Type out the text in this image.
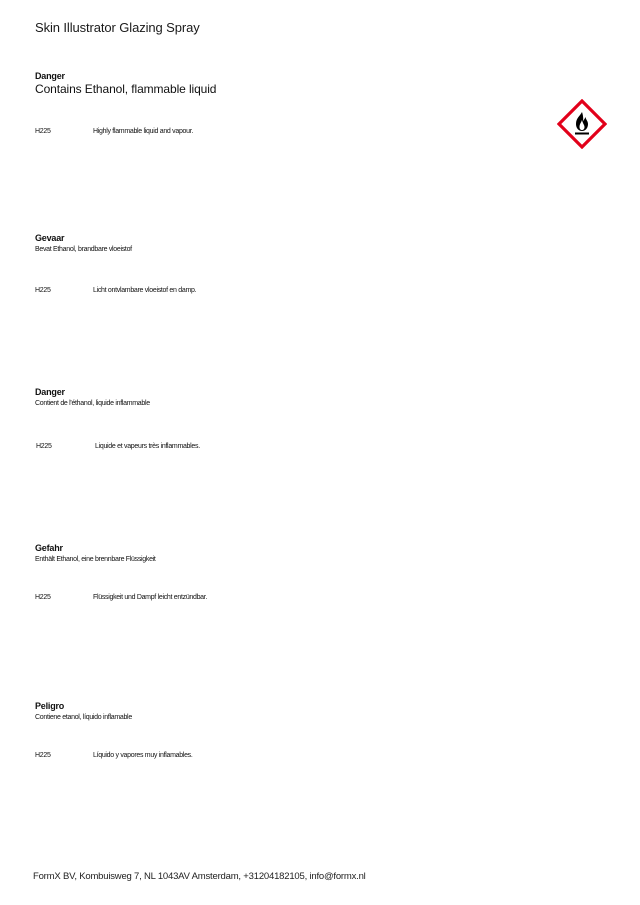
Skin Illustrator Glazing Spray
Danger
Contains Ethanol, flammable liquid
H225	Highly flammable liquid and vapour.
Gevaar
Bevat Ethanol, brandbare vloeistof
H225	Licht ontvlambare vloeistof en damp.
Danger
Contient de l'éthanol, liquide inflammable
H225	Liquide et vapeurs très inflammables.
Gefahr
Enthält Ethanol, eine brennbare Flüssigkeit
H225	Flüssigkeit und Dampf leicht entzündbar.
Peligro
Contiene etanol, líquido inflamable
H225	Líquido y vapores muy inflamables.
FormX BV, Kombuisweg 7, NL 1043AV Amsterdam, +31204182105, info@formx.nl
